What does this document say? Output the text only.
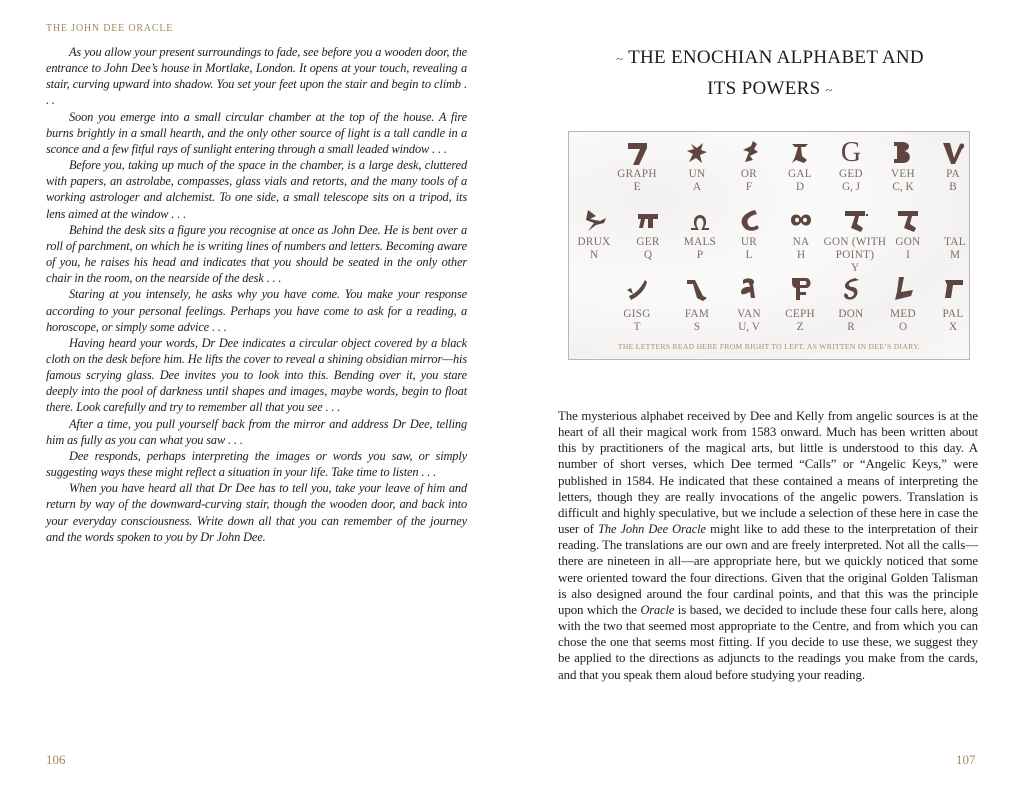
THE JOHN DEE ORACLE

As you allow your present surroundings to fade, see before you a wooden door, the entrance to John Dee’s house in Mortlake, London. It opens at your touch, revealing a stair, curving upward into shadow. You set your feet upon the stair and begin to climb . . .

Soon you emerge into a small circular chamber at the top of the house. A fire burns brightly in a small hearth, and the only other source of light is a tall candle in a sconce and a few fitful rays of sunlight entering through a small leaded window . . .

Before you, taking up much of the space in the chamber, is a large desk, cluttered with papers, an astrolabe, compasses, glass vials and retorts, and the many tools of a working astrologer and alchemist. To one side, a small telescope sits on a tripod, its lens aimed at the window . . .

Behind the desk sits a figure you recognise at once as John Dee. He is bent over a roll of parchment, on which he is writing lines of numbers and letters. Becoming aware of you, he raises his head and indicates that you should be seated in the only other chair in the room, on the nearside of the desk . . .

Staring at you intensely, he asks why you have come. You make your response according to your personal feelings. Perhaps you have come to ask for a reading, a horoscope, or simply some advice . . .

Having heard your words, Dr Dee indicates a circular object covered by a black cloth on the desk before him. He lifts the cover to reveal a shining obsidian mirror—his famous scrying glass. Dee invites you to look into this. Bending over it, you stare deeply into the pool of darkness until shapes and images, maybe words, begin to float there. Look carefully and try to remember all that you see . . .

After a time, you pull yourself back from the mirror and address Dr Dee, telling him as fully as you can what you saw . . .

Dee responds, perhaps interpreting the images or words you saw, or simply suggesting ways these might reflect a situation in your life. Take time to listen . . .

When you have heard all that Dr Dee has to tell you, take your leave of him and return by way of the downward-curving stair, though the wooden door, and back into your everyday consciousness. Write down all that you can remember of the journey and the words spoken to you by Dr John Dee.

~ THE ENOCHIAN ALPHABET AND
ITS POWERS ~
THE LETTERS READ HERE FROM RIGHT TO LEFT, AS WRITTEN IN DEE’S DIARY.
GRAPH
E
UN
A
OR
F
GAL
D
G
GED
G, J
VEH
C, K
PA
B
DRUX
N
GER
Q
MALS
P
UR
L
NA
H
GON (WITH
POINT)
Y
GON
I
TAL
M
GISG
T
FAM
S
VAN
U, V
CEPH
Z
DON
R
MED
O
PAL
X

The mysterious alphabet received by Dee and Kelly from angelic sources is at the heart of all their magical work from 1583 onward. Much has been written about this by practitioners of the magical arts, but little is understood to this day. A number of short verses, which Dee termed “Calls” or “Angelic Keys,” were published in 1584. He indicated that these contained a means of interpreting the letters, though they are really invocations of the angelic powers. Translation is difficult and highly speculative, but we include a selection of these here in case the user of The John Dee Oracle might like to add these to the interpretation of their reading. The translations are our own and are freely interpreted. Not all the calls—there are nineteen in all—are appropriate here, but we quickly noticed that some were oriented toward the four directions. Given that the original Golden Talisman is also designed around the four cardinal points, and that this was the principle upon which the Oracle is based, we decided to include these four calls here, along with the two that seemed most appropriate to the Centre, and from which you can chose the one that seems most fitting. If you decide to use these, we suggest they be applied to the directions as adjuncts to the readings you make from the cards, and that you speak them aloud before studying your reading.

106	107
